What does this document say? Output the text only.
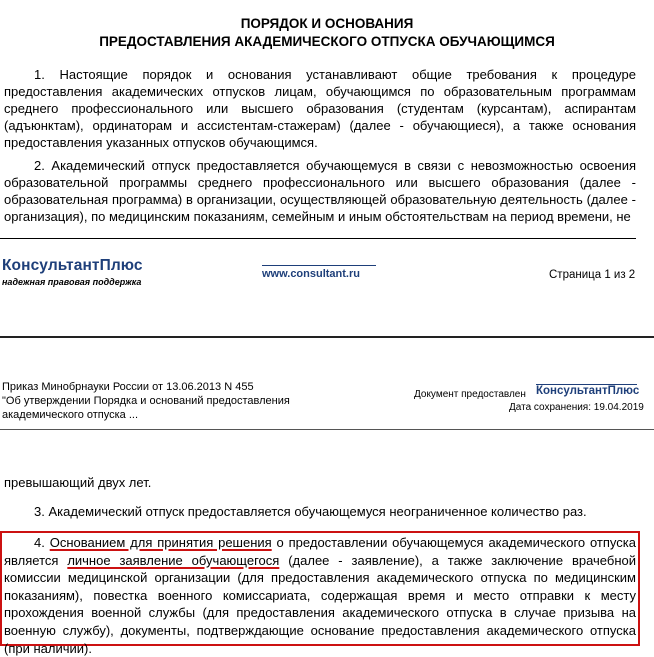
ПОРЯДОК И ОСНОВАНИЯ
ПРЕДОСТАВЛЕНИЯ АКАДЕМИЧЕСКОГО ОТПУСКА ОБУЧАЮЩИМСЯ
1. Настоящие порядок и основания устанавливают общие требования к процедуре предоставления академических отпусков лицам, обучающимся по образовательным программам среднего профессионального или высшего образования (студентам (курсантам), аспирантам (адъюнктам), ординаторам и ассистентам-стажерам) (далее - обучающиеся), а также основания предоставления указанных отпусков обучающимся.
2. Академический отпуск предоставляется обучающемуся в связи с невозможностью освоения образовательной программы среднего профессионального или высшего образования (далее - образовательная программа) в организации, осуществляющей образовательную деятельность (далее - организация), по медицинским показаниям, семейным и иным обстоятельствам на период времени, не
КонсультантПлюс
надежная правовая поддержка
www.consultant.ru	Страница 1 из 2
Приказ Минобрнауки России от 13.06.2013 N 455
"Об утверждении Порядка и оснований предоставления
академического отпуска ...
Документ предоставлен КонсультантПлюс
Дата сохранения: 19.04.2019
превышающий двух лет.
3. Академический отпуск предоставляется обучающемуся неограниченное количество раз.
4. Основанием для принятия решения о предоставлении обучающемуся академического отпуска является личное заявление обучающегося (далее - заявление), а также заключение врачебной комиссии медицинской организации (для предоставления академического отпуска по медицинским показаниям), повестка военного комиссариата, содержащая время и место отправки к месту прохождения военной службы (для предоставления академического отпуска в случае призыва на военную службу), документы, подтверждающие основание предоставления академического отпуска (при наличии).
